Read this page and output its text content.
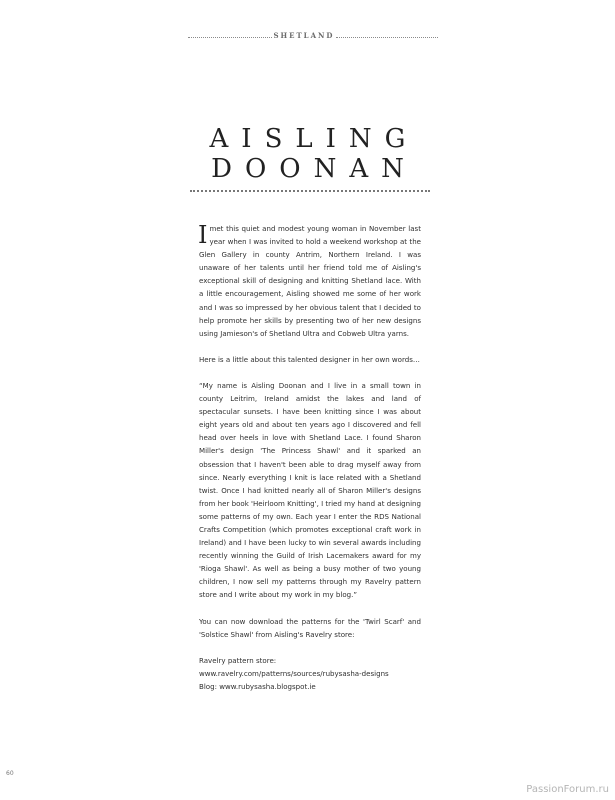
SHETLAND
AISLING
DOONAN

I met this quiet and modest young woman in November last year when I was invited to hold a weekend workshop at the Glen Gallery in county Antrim, Northern Ireland. I was unaware of her talents until her friend told me of Aisling's exceptional skill of designing and knitting Shetland lace. With a little encouragement, Aisling showed me some of her work and I was so impressed by her obvious talent that I decided to help promote her skills by presenting two of her new designs using Jamieson's of Shetland Ultra and Cobweb Ultra yarns.

Here is a little about this talented designer in her own words…

“My name is Aisling Doonan and I live in a small town in county Leitrim, Ireland amidst the lakes and land of spectacular sunsets. I have been knitting since I was about eight years old and about ten years ago I discovered and fell head over heels in love with Shetland Lace. I found Sharon Miller's design 'The Princess Shawl' and it sparked an obsession that I haven't been able to drag myself away from since. Nearly everything I knit is lace related with a Shetland twist. Once I had knitted nearly all of Sharon Miller's designs from her book 'Heirloom Knitting', I tried my hand at designing some patterns of my own. Each year I enter the RDS National Crafts Competition (which promotes exceptional craft work in Ireland) and I have been lucky to win several awards including recently winning the Guild of Irish Lacemakers award for my 'Rioga Shawl'. As well as being a busy mother of two young children, I now sell my patterns through my Ravelry pattern store and I write about my work in my blog.”

You can now download the patterns for the 'Twirl Scarf' and 'Solstice Shawl' from Aisling's Ravelry store:

Ravelry pattern store:
www.ravelry.com/patterns/sources/rubysasha-designs
Blog: www.rubysasha.blogspot.ie

60
PassionForum.ru
